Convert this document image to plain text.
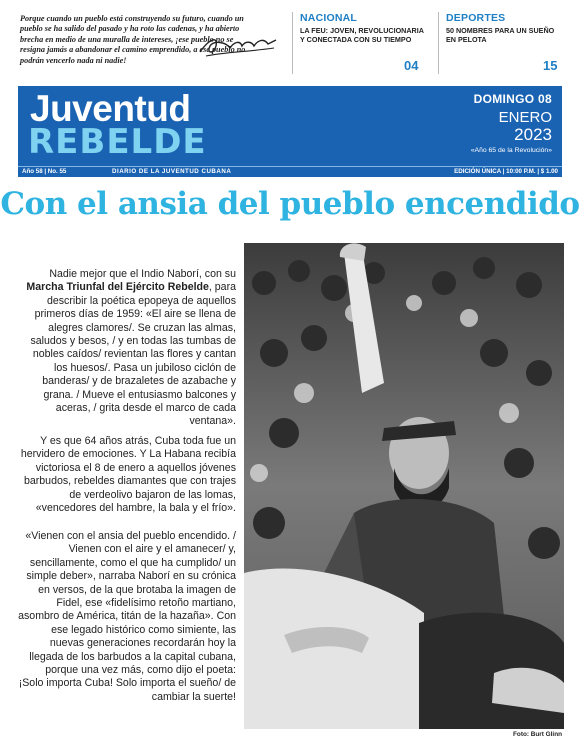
Porque cuando un pueblo está construyendo su futuro, cuando un pueblo se ha salido del pasado y ha roto las cadenas, y ha abierto brecha en medio de una muralla de intereses, ¡ese pueblo no se resigna jamás a abandonar el camino emprendido, a ese pueblo no podrán vencerlo nada ni nadie!

NACIONAL
LA FEU: JOVEN, REVOLUCIONARIA Y CONECTADA CON SU TIEMPO
04
DEPORTES
50 NOMBRES PARA UN SUEÑO EN PELOTA
15
Juventud
REBELDE
DOMINGO 08
ENERO
2023
«Año 65 de la Revolución»
Año 58 | No. 55	DIARIO DE LA JUVENTUD CUBANA	EDICIÓN ÚNICA | 10:00 P.M. | $ 1.00
Con el ansia del pueblo encendido

Nadie mejor que el Indio Naborí, con su Marcha Triunfal del Ejército Rebelde, para describir la poética epopeya de aquellos primeros días de 1959: «El aire se llena de alegres clamores/. Se cruzan las almas, saludos y besos, / y en todas las tumbas de nobles caídos/ revientan las flores y cantan los huesos/. Pasa un jubiloso ciclón de banderas/ y de brazaletes de azabache y grana. / Mueve el entusiasmo balcones y aceras, / grita desde el marco de cada ventana».

Y es que 64 años atrás, Cuba toda fue un hervidero de emociones. Y La Habana recibía victoriosa el 8 de enero a aquellos jóvenes barbudos, rebeldes diamantes que con trajes de verdeolivo bajaron de las lomas, «vencedores del hambre, la bala y el frío».

«Vienen con el ansia del pueblo encendido. / Vienen con el aire y el amanecer/ y, sencillamente, como el que ha cumplido/ un simple deber», narraba Naborí en su crónica en versos, de la que brotaba la imagen de Fidel, ese «fidelísimo retoño martiano, asombro de América, titán de la hazaña». Con ese legado histórico como simiente, las nuevas generaciones recordarán hoy la llegada de los barbudos a la capital cubana, porque una vez más, como dijo el poeta: ¡Solo importa Cuba! Solo importa el sueño/ de cambiar la suerte!

Foto: Burt Glinn
